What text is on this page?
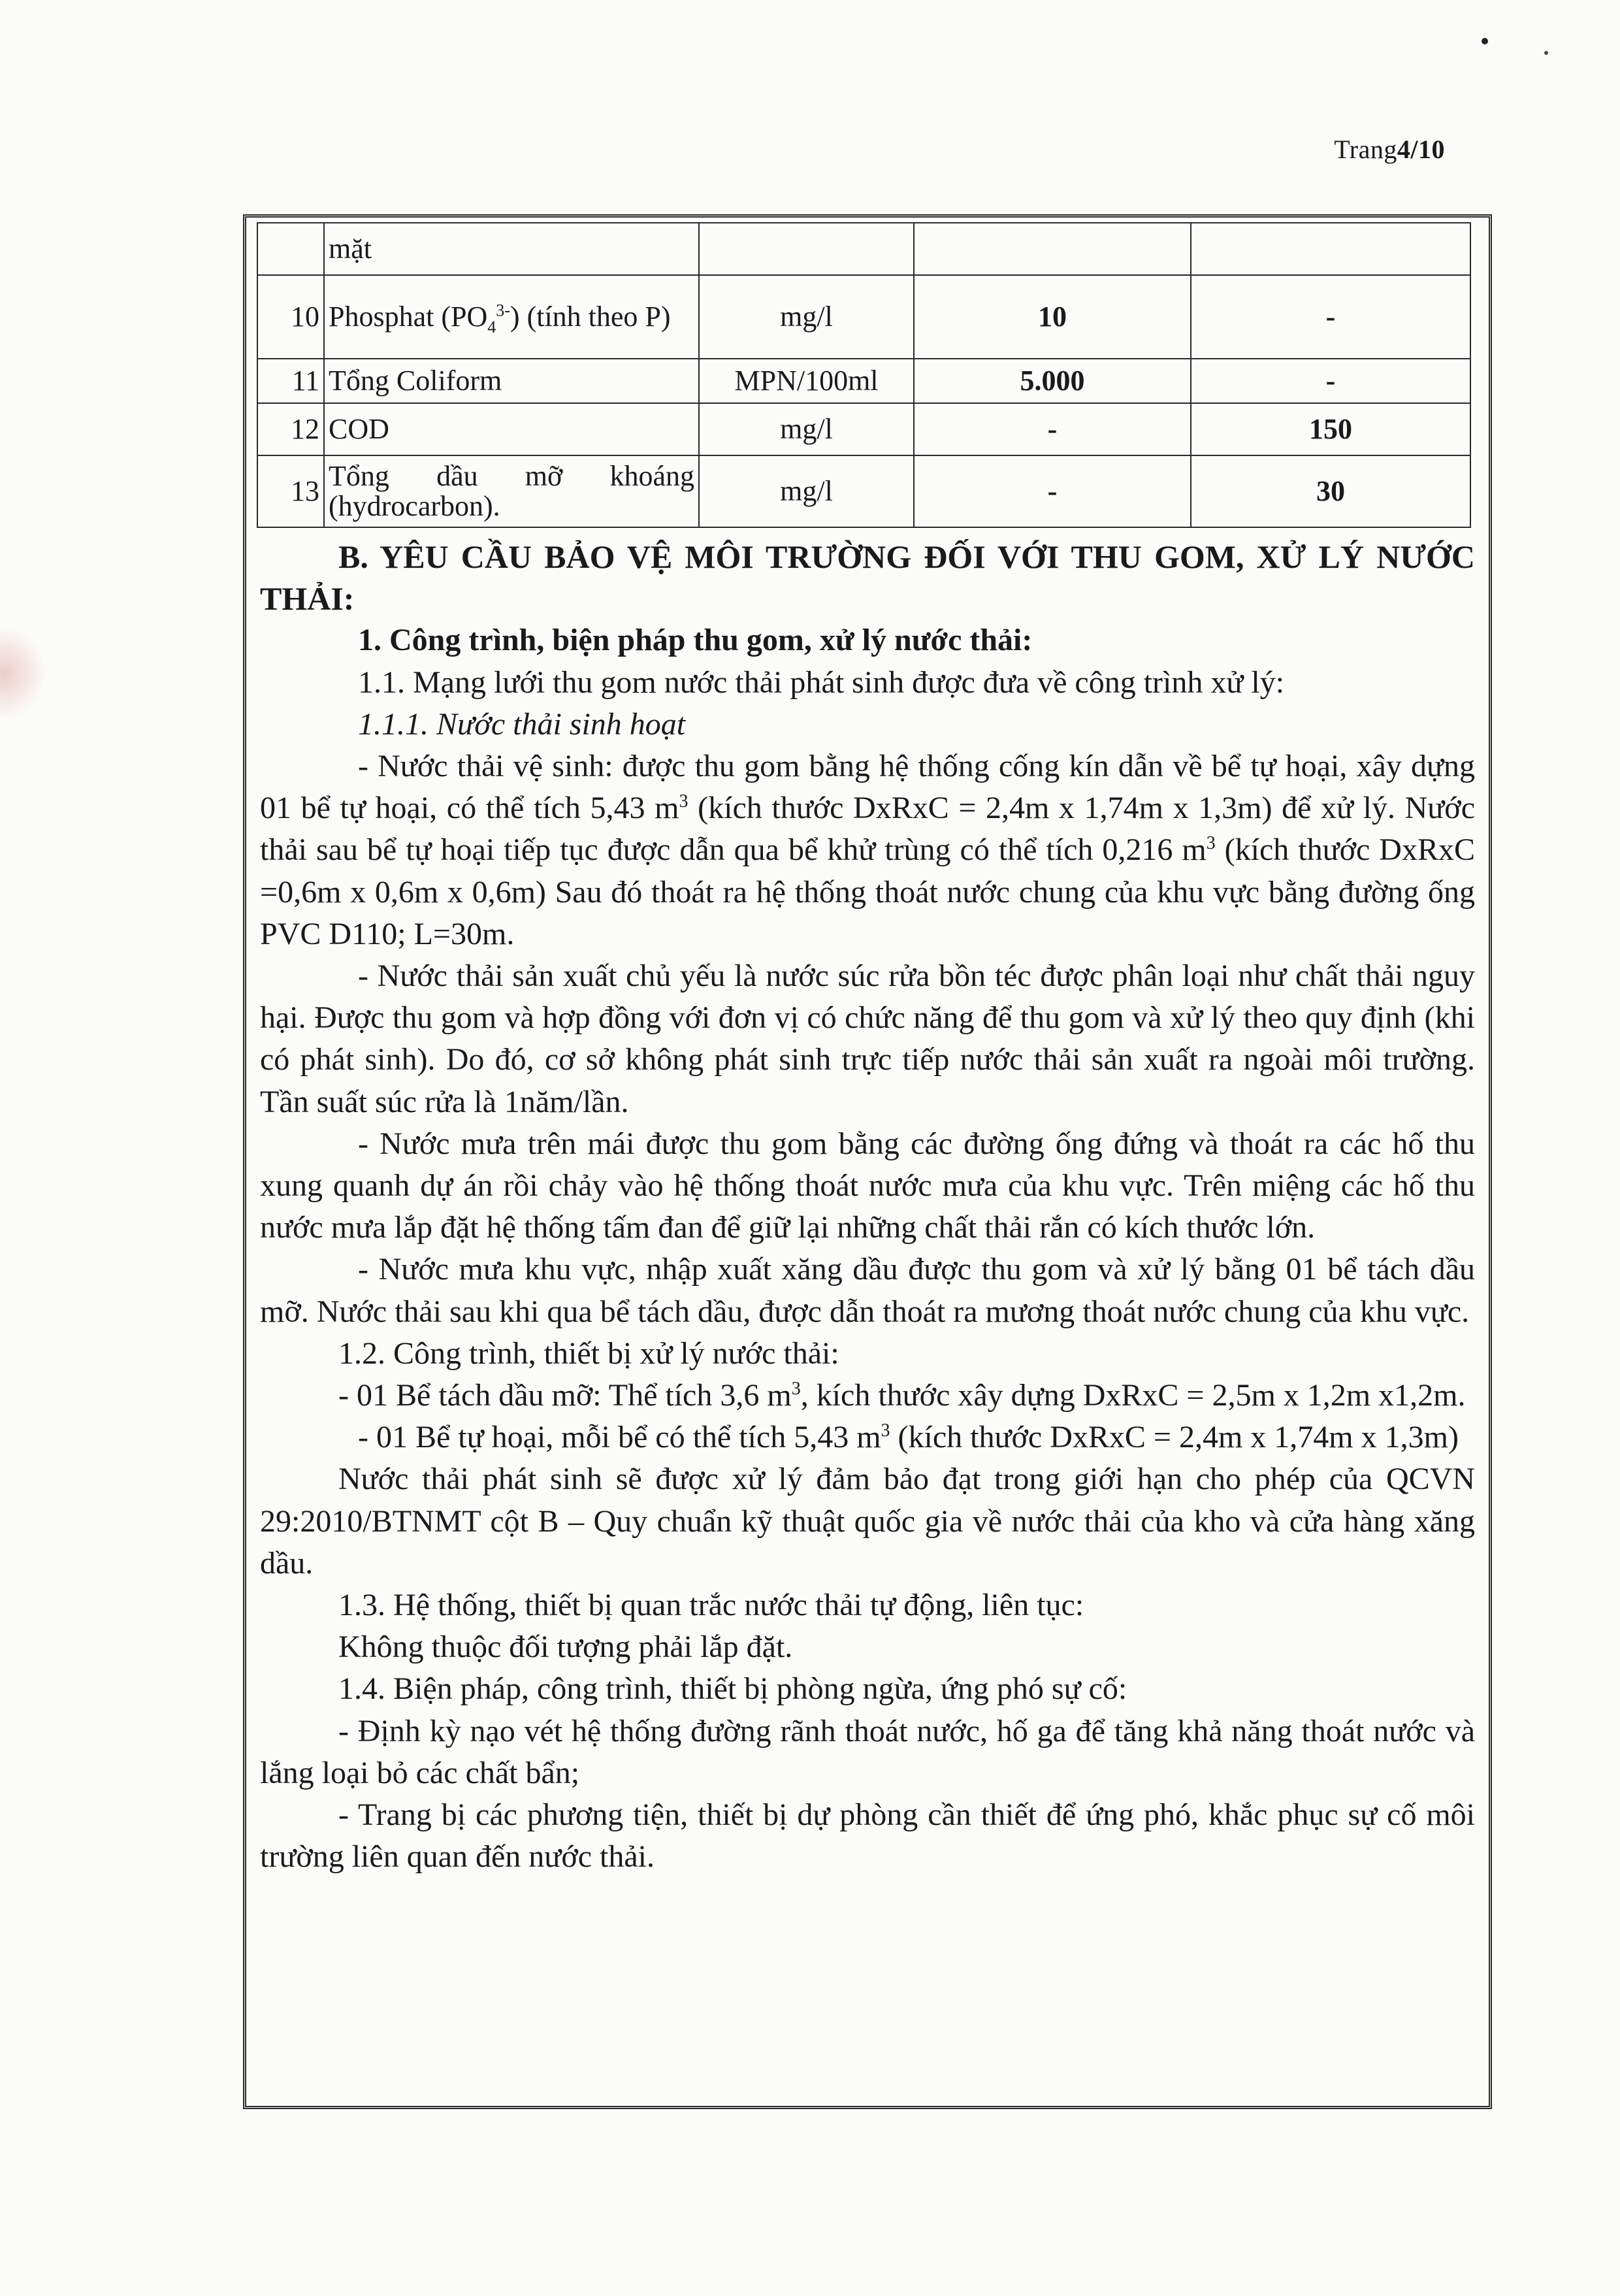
Trang4/10
	mặt			
10	Phosphat $(PO_4^{3-})$ (tính theo P)	mg/l	10	-
11	Tổng Coliform	MPN/100ml	5.000	-
12	COD	mg/l	-	150
13	Tổng dầu mỡ khoáng (hydrocarbon).	mg/l	-	30

B. YÊU CẦU BẢO VỆ MÔI TRƯỜNG ĐỐI VỚI THU GOM, XỬ LÝ NƯỚC THẢI:

1. Công trình, biện pháp thu gom, xử lý nước thải:

1.1. Mạng lưới thu gom nước thải phát sinh được đưa về công trình xử lý:

1.1.1. Nước thải sinh hoạt

- Nước thải vệ sinh: được thu gom bằng hệ thống cống kín dẫn về bể tự hoại, xây dựng 01 bể tự hoại, có thể tích 5,43 $m^3$ (kích thước DxRxC = 2,4m x 1,74m x 1,3m) để xử lý. Nước thải sau bể tự hoại tiếp tục được dẫn qua bể khử trùng có thể tích 0,216 $m^3$ (kích thước DxRxC =0,6m x 0,6m x 0,6m) Sau đó thoát ra hệ thống thoát nước chung của khu vực bằng đường ống PVC D110; L=30m.

- Nước thải sản xuất chủ yếu là nước súc rửa bồn téc được phân loại như chất thải nguy hại. Được thu gom và hợp đồng với đơn vị có chức năng để thu gom và xử lý theo quy định (khi có phát sinh). Do đó, cơ sở không phát sinh trực tiếp nước thải sản xuất ra ngoài môi trường. Tần suất súc rửa là 1năm/lần.

- Nước mưa trên mái được thu gom bằng các đường ống đứng và thoát ra các hố thu xung quanh dự án rồi chảy vào hệ thống thoát nước mưa của khu vực. Trên miệng các hố thu nước mưa lắp đặt hệ thống tấm đan để giữ lại những chất thải rắn có kích thước lớn.

- Nước mưa khu vực, nhập xuất xăng dầu được thu gom và xử lý bằng 01 bể tách dầu mỡ. Nước thải sau khi qua bể tách dầu, được dẫn thoát ra mương thoát nước chung của khu vực.

1.2. Công trình, thiết bị xử lý nước thải:

- 01 Bể tách dầu mỡ: Thể tích 3,6 $m^3$, kích thước xây dựng DxRxC = 2,5m x 1,2m x1,2m.

- 01 Bể tự hoại, mỗi bể có thể tích 5,43 $m^3$ (kích thước DxRxC = 2,4m x 1,74m x 1,3m)

Nước thải phát sinh sẽ được xử lý đảm bảo đạt trong giới hạn cho phép của QCVN 29:2010/BTNMT cột B – Quy chuẩn kỹ thuật quốc gia về nước thải của kho và cửa hàng xăng dầu.

1.3. Hệ thống, thiết bị quan trắc nước thải tự động, liên tục:

Không thuộc đối tượng phải lắp đặt.

1.4. Biện pháp, công trình, thiết bị phòng ngừa, ứng phó sự cố:

- Định kỳ nạo vét hệ thống đường rãnh thoát nước, hố ga để tăng khả năng thoát nước và lắng loại bỏ các chất bẩn;

- Trang bị các phương tiện, thiết bị dự phòng cần thiết để ứng phó, khắc phục sự cố môi trường liên quan đến nước thải.
